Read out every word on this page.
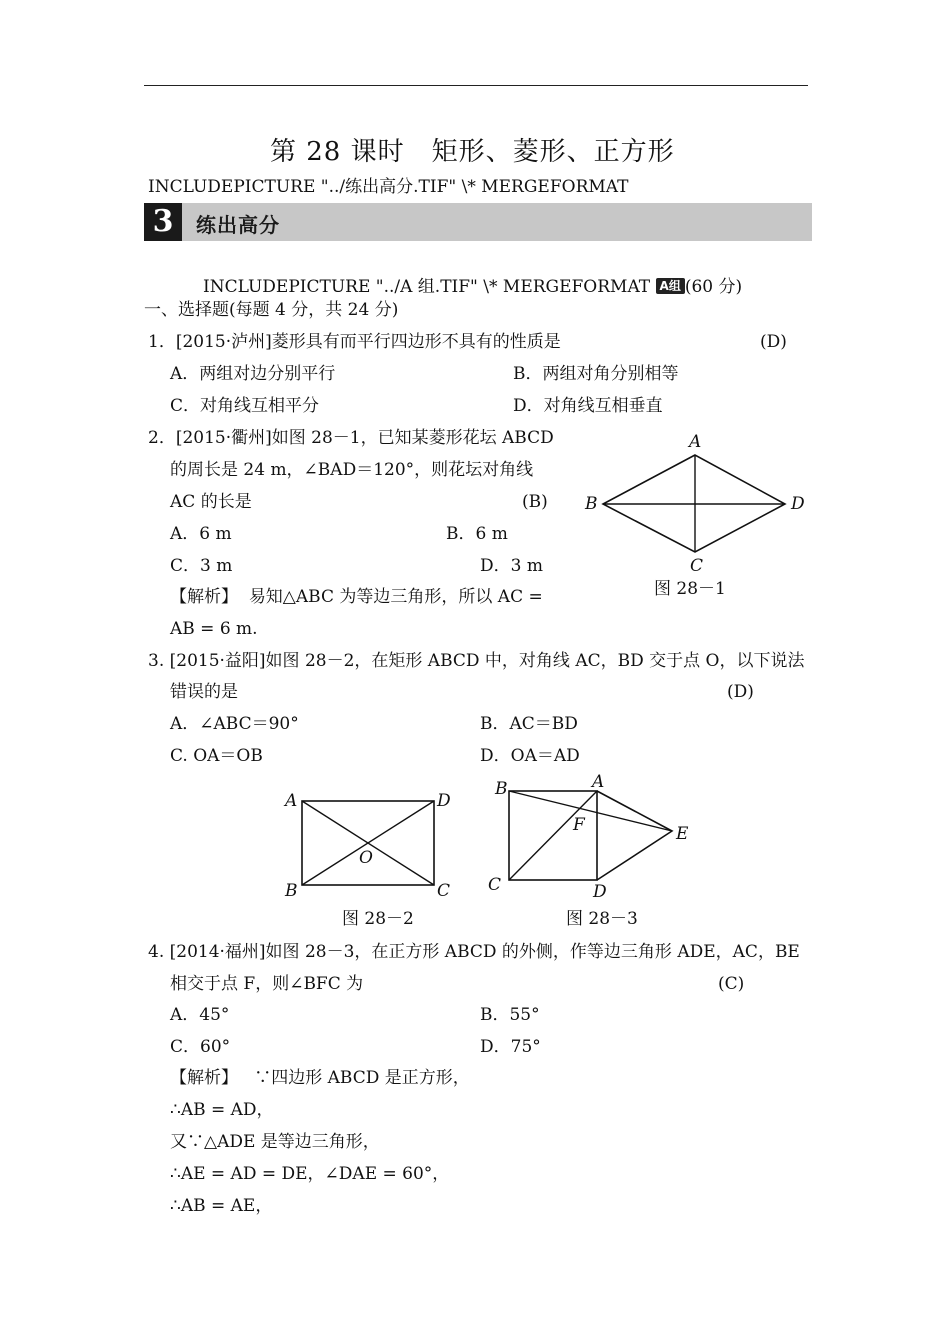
第 28 课时　矩形、菱形、正方形
INCLUDEPICTURE "../练出高分.TIF" \* MERGEFORMAT
3	练出高分
INCLUDEPICTURE "../A 组.TIF" \* MERGEFORMAT A组 (60 分)
一、选择题(每题 4 分，共 24 分)
1．[2015·泸州]菱形具有而平行四边形不具有的性质是	(D)
A．两组对边分别平行	B．两组对角分别相等
C．对角线互相平分	D．对角线互相垂直
2．[2015·衢州]如图 28－1，已知某菱形花坛 ABCD
的周长是 24 m，∠BAD＝120°，则花坛对角线
AC 的长是	(B)
A．6 m	B．6 m
C．3 m	D．3 m
【解析】 易知△ABC 为等边三角形，所以 AC =
AB = 6 m.
A
B
C
D
图 28－1
3. [2015·益阳]如图 28－2，在矩形 ABCD 中，对角线 AC，BD 交于点 O，以下说法
错误的是	(D)
A．∠ABC＝90°	B．AC＝BD
C. OA＝OB	D．OA＝AD
A	D
B	C
O
图 28－2
B	A
F	E
C	D
图 28－3
4. [2014·福州]如图 28－3，在正方形 ABCD 的外侧，作等边三角形 ADE，AC，BE
相交于点 F，则∠BFC 为	(C)
A．45°	B．55°
C．60°	D．75°
【解析】 ∵四边形 ABCD 是正方形，
∴AB = AD，
又∵△ADE 是等边三角形，
∴AE = AD = DE，∠DAE = 60°，
∴AB = AE，
